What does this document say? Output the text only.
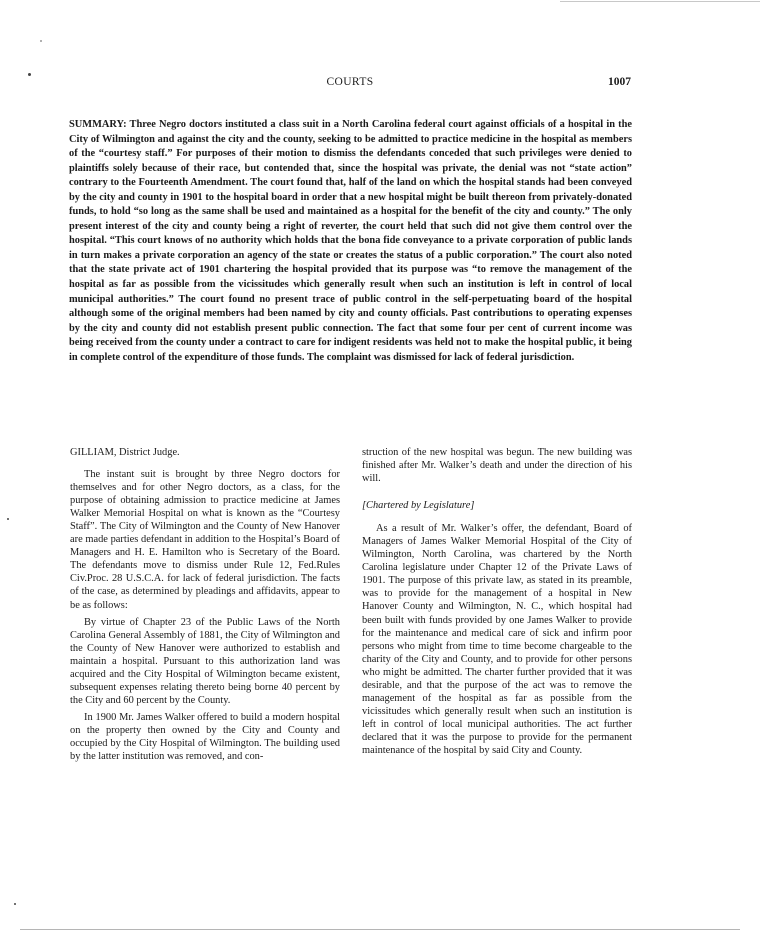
COURTS	1007

SUMMARY: Three Negro doctors instituted a class suit in a North Carolina federal court against officials of a hospital in the City of Wilmington and against the city and the county, seeking to be admitted to practice medicine in the hospital as members of the “courtesy staff.” For purposes of their motion to dismiss the defendants conceded that such privileges were denied to plaintiffs solely because of their race, but contended that, since the hospital was private, the denial was not “state action” contrary to the Fourteenth Amendment. The court found that, half of the land on which the hospital stands had been conveyed by the city and county in 1901 to the hospital board in order that a new hospital might be built thereon from privately-donated funds, to hold “so long as the same shall be used and maintained as a hospital for the benefit of the city and county.” The only present interest of the city and county being a right of reverter, the court held that such did not give them control over the hospital. “This court knows of no authority which holds that the bona fide conveyance to a private corporation of public lands in turn makes a private corporation an agency of the state or creates the status of a public corporation.” The court also noted that the state private act of 1901 chartering the hospital provided that its purpose was “to remove the management of the hospital as far as possible from the vicissitudes which generally result when such an institution is left in control of local municipal authorities.” The court found no present trace of public control in the self-perpetuating board of the hospital although some of the original members had been named by city and county officials. Past contributions to operating expenses by the city and county did not establish present public connection. The fact that some four per cent of current income was being received from the county under a contract to care for indigent residents was held not to make the hospital public, it being in complete control of the expenditure of those funds. The complaint was dismissed for lack of federal jurisdiction.

GILLIAM, District Judge.

The instant suit is brought by three Negro doctors for themselves and for other Negro doctors, as a class, for the purpose of obtaining admission to practice medicine at James Walker Memorial Hospital on what is known as the “Courtesy Staff”. The City of Wilmington and the County of New Hanover are made parties defendant in addition to the Hospital’s Board of Managers and H. E. Hamilton who is Secretary of the Board. The defendants move to dismiss under Rule 12, Fed.Rules Civ.Proc. 28 U.S.C.A. for lack of federal jurisdiction. The facts of the case, as determined by pleadings and affidavits, appear to be as follows:

By virtue of Chapter 23 of the Public Laws of the North Carolina General Assembly of 1881, the City of Wilmington and the County of New Hanover were authorized to establish and maintain a hospital. Pursuant to this authorization land was acquired and the City Hospital of Wilmington became existent, subsequent expenses relating thereto being borne 40 percent by the City and 60 percent by the County.

In 1900 Mr. James Walker offered to build a modern hospital on the property then owned by the City and County and occupied by the City Hospital of Wilmington. The building used by the latter institution was removed, and con-

struction of the new hospital was begun. The new building was finished after Mr. Walker’s death and under the direction of his will.

[Chartered by Legislature]

As a result of Mr. Walker’s offer, the defendant, Board of Managers of James Walker Memorial Hospital of the City of Wilmington, North Carolina, was chartered by the North Carolina legislature under Chapter 12 of the Private Laws of 1901. The purpose of this private law, as stated in its preamble, was to provide for the management of a hospital in New Hanover County and Wilmington, N. C., which hospital had been built with funds provided by one James Walker to provide for the maintenance and medical care of sick and infirm poor persons who might from time to time become chargeable to the charity of the City and County, and to provide for other persons who might be admitted. The charter further provided that it was desirable, and that the purpose of the act was to remove the management of the hospital as far as possible from the vicissitudes which generally result when such an institution is left in control of local municipal authorities. The act further declared that it was the purpose to provide for the permanent maintenance of the hospital by said City and County.
